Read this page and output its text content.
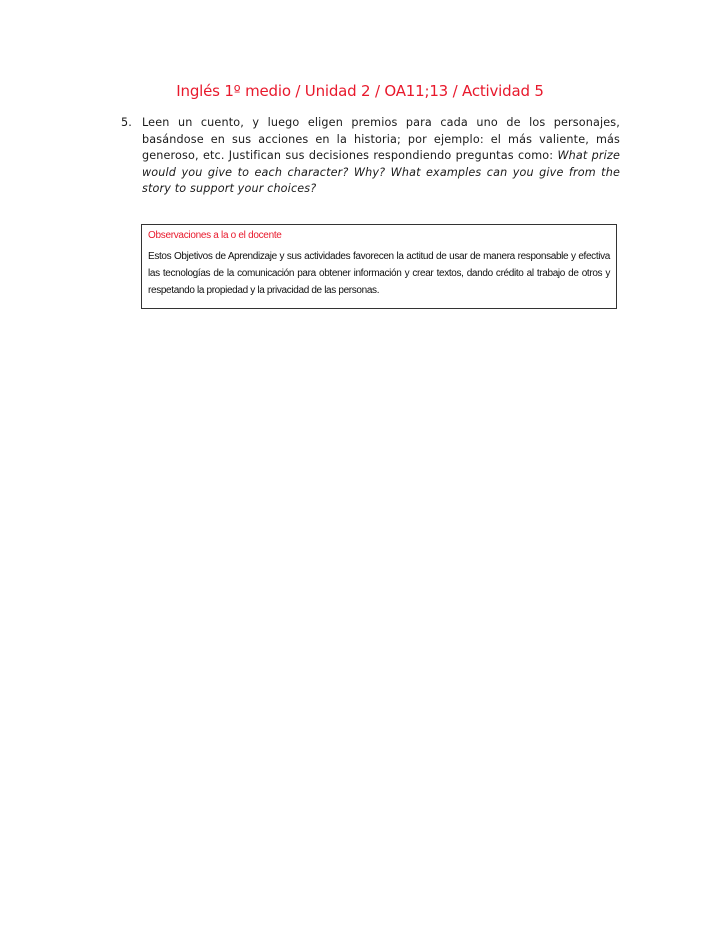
Inglés 1º medio / Unidad 2 / OA11;13 / Actividad 5
5. Leen un cuento, y luego eligen premios para cada uno de los personajes, basándose en sus acciones en la historia; por ejemplo: el más valiente, más generoso, etc. Justifican sus decisiones respondiendo preguntas como: What prize would you give to each character? Why? What examples can you give from the story to support your choices?
Observaciones a la o el docente
Estos Objetivos de Aprendizaje y sus actividades favorecen la actitud de usar de manera responsable y efectiva las tecnologías de la comunicación para obtener información y crear textos, dando crédito al trabajo de otros y respetando la propiedad y la privacidad de las personas.
